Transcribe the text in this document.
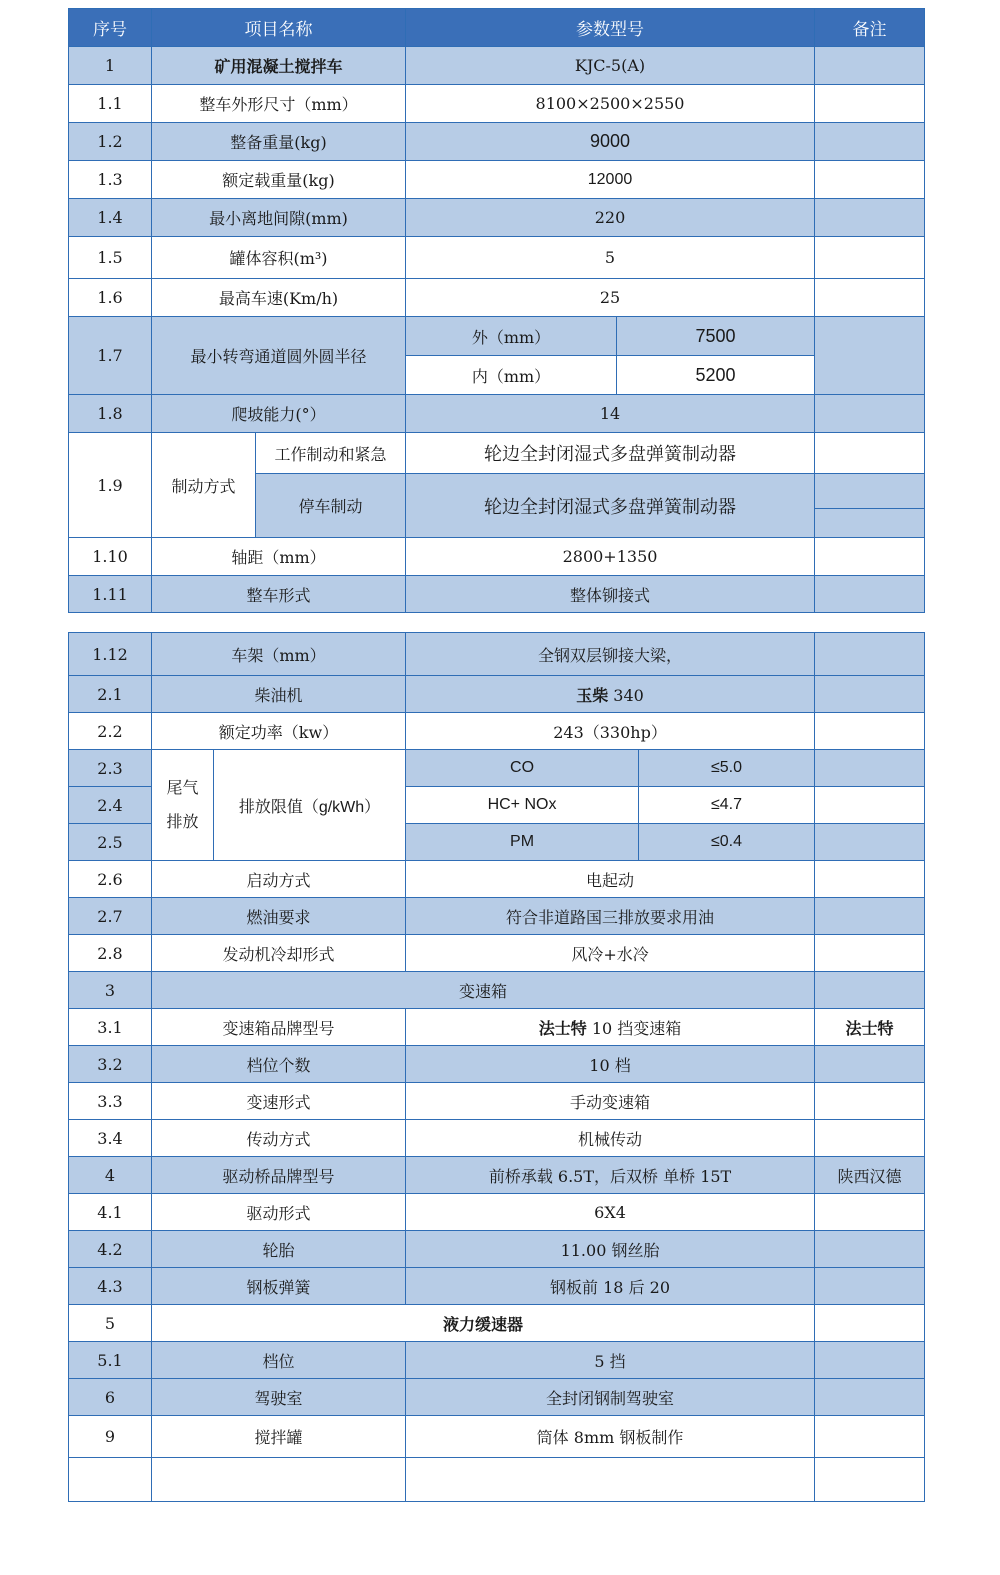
序号	项目名称		参数型号		备注
1	矿用混凝土搅拌车		KJC-5(A)		
1.1	整车外形尺寸（mm）		8100×2500×2550		
1.2	整备重量(kg)		9000		
1.3	额定载重量(kg)		12000		
1.4	最小离地间隙(mm)		220		
1.5	罐体容积(m³)		5		
1.6	最高车速(Km/h)		25		
1.7	最小转弯通道圆外圆半径		外（mm）	7500	
			内（mm）	5200	
1.8	爬坡能力(°）		14		
1.9	制动方式	工作制动和紧急	轮边全封闭湿式多盘弹簧制动器		
		停车制动	轮边全封闭湿式多盘弹簧制动器		

1.10	轴距（mm）		2800+1350		
1.11	整车形式		整体铆接式		
1.12	车架（mm）		全钢双层铆接大梁，		
2.1	柴油机		玉柴 340		
2.2	额定功率（kw）		243（330hp）		
2.3	尾气排放	排放限值（g/kWh）	CO	≤5.0	
2.4			HC+ NOx	≤4.7	
2.5			PM	≤0.4	
2.6	启动方式		电起动		
2.7	燃油要求		符合非道路国三排放要求用油		
2.8	发动机冷却形式		风冷+水冷		
3	变速箱				
3.1	变速箱品牌型号		法士特 10 挡变速箱		法士特
3.2	档位个数		10 档		
3.3	变速形式		手动变速箱		
3.4	传动方式		机械传动		
4	驱动桥品牌型号		前桥承载 6.5T，后双桥 单桥 15T		陕西汉德
4.1	驱动形式		6X4		
4.2	轮胎		11.00 钢丝胎		
4.3	钢板弹簧		钢板前 18 后 20		
5	液力缓速器				
5.1	档位		5 挡		
6	驾驶室		全封闭钢制驾驶室		
9	搅拌罐		筒体 8mm 钢板制作		
